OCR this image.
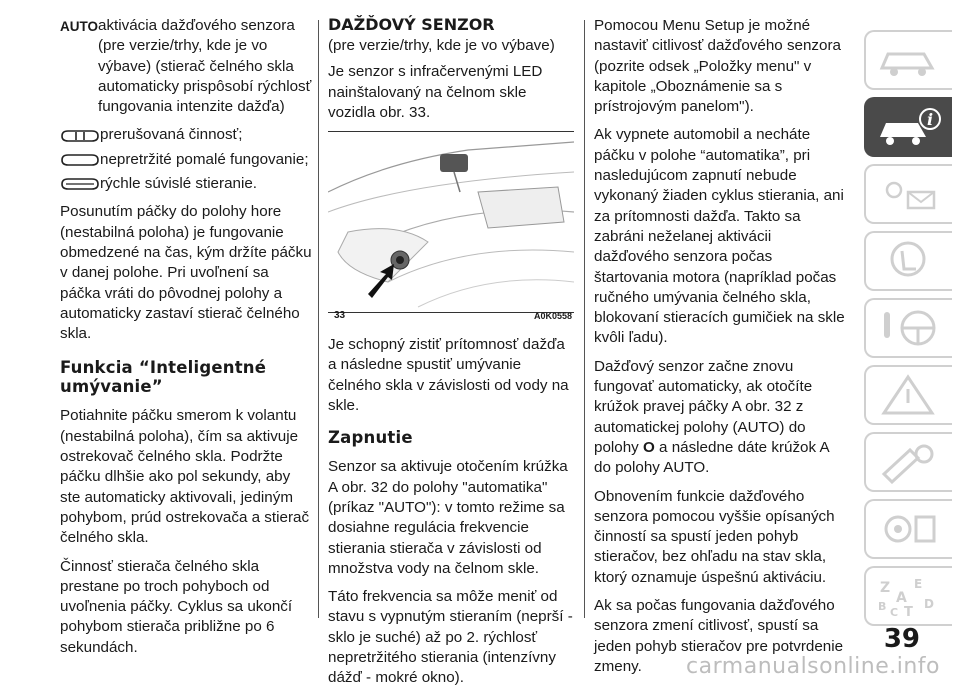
AUTO aktivácia dažďového senzora (pre verzie/trhy, kde je vo výbave) (stierač čelného skla automaticky prispôsobí rýchlosť fungovania intenzite dažďa)
prerušovaná činnosť;
nepretržité pomalé fungovanie;
rýchle súvislé stieranie.

Posunutím páčky do polohy hore (nestabilná poloha) je fungovanie obmedzené na čas, kým držíte páčku v danej polohe. Pri uvoľnení sa páčka vráti do pôvodnej polohy a automaticky zastaví stierač čelného skla.

Funkcia “Inteligentné umývanie”

Potiahnite páčku smerom k volantu (nestabilná poloha), čím sa aktivuje ostrekovač čelného skla. Podržte páčku dlhšie ako pol sekundy, aby ste automaticky aktivovali, jediným pohybom, prúd ostrekovača a stierač čelného skla.

Činnosť stierača čelného skla prestane po troch pohyboch od uvoľnenia páčky. Cyklus sa ukončí pohybom stierača približne po 6 sekundách.

DAŽĎOVÝ SENZOR

(pre verzie/trhy, kde je vo výbave)

Je senzor s infračervenými LED nainštalovaný na čelnom skle vozidla obr. 33.

33	A0K0558

Je schopný zistiť prítomnosť dažďa a následne spustiť umývanie čelného skla v závislosti od vody na skle.

Zapnutie

Senzor sa aktivuje otočením krúžka A obr. 32 do polohy "automatika" (príkaz "AUTO"): v tomto režime sa dosiahne regulácia frekvencie stierania stierača v závislosti od množstva vody na čelnom skle.

Táto frekvencia sa môže meniť od stavu s vypnutým stieraním (neprší - sklo je suché) až po 2. rýchlosť nepretržitého stierania (intenzívny dážď - mokré okno).

Pomocou Menu Setup je možné nastaviť citlivosť dažďového senzora (pozrite odsek „Položky menu" v kapitole „Oboznámenie sa s prístrojovým panelom").

Ak vypnete automobil a necháte páčku v polohe “automatika”, pri nasledujúcom zapnutí nebude vykonaný žiaden cyklus stierania, ani za prítomnosti dažďa. Takto sa zabráni neželanej aktivácii dažďového senzora počas štartovania motora (napríklad počas ručného umývania čelného skla, blokovaní stieracích gumičiek na skle kvôli ľadu).

Dažďový senzor začne znovu fungovať automaticky, ak otočíte krúžok pravej páčky A obr. 32 z automatickej polohy (AUTO) do polohy O a následne dáte krúžok A do polohy AUTO.

Obnovením funkcie dažďového senzora pomocou vyššie opísaných činností sa spustí jeden pohyb stieračov, bez ohľadu na stav skla, ktorý oznamuje úspešnú aktiváciu.

Ak sa počas fungovania dažďového senzora zmení citlivosť, spustí sa jeden pohyb stieračov pre potvrdenie zmeny.

i
Z E
A
B	D
C T
39
carmanualsonline.info
